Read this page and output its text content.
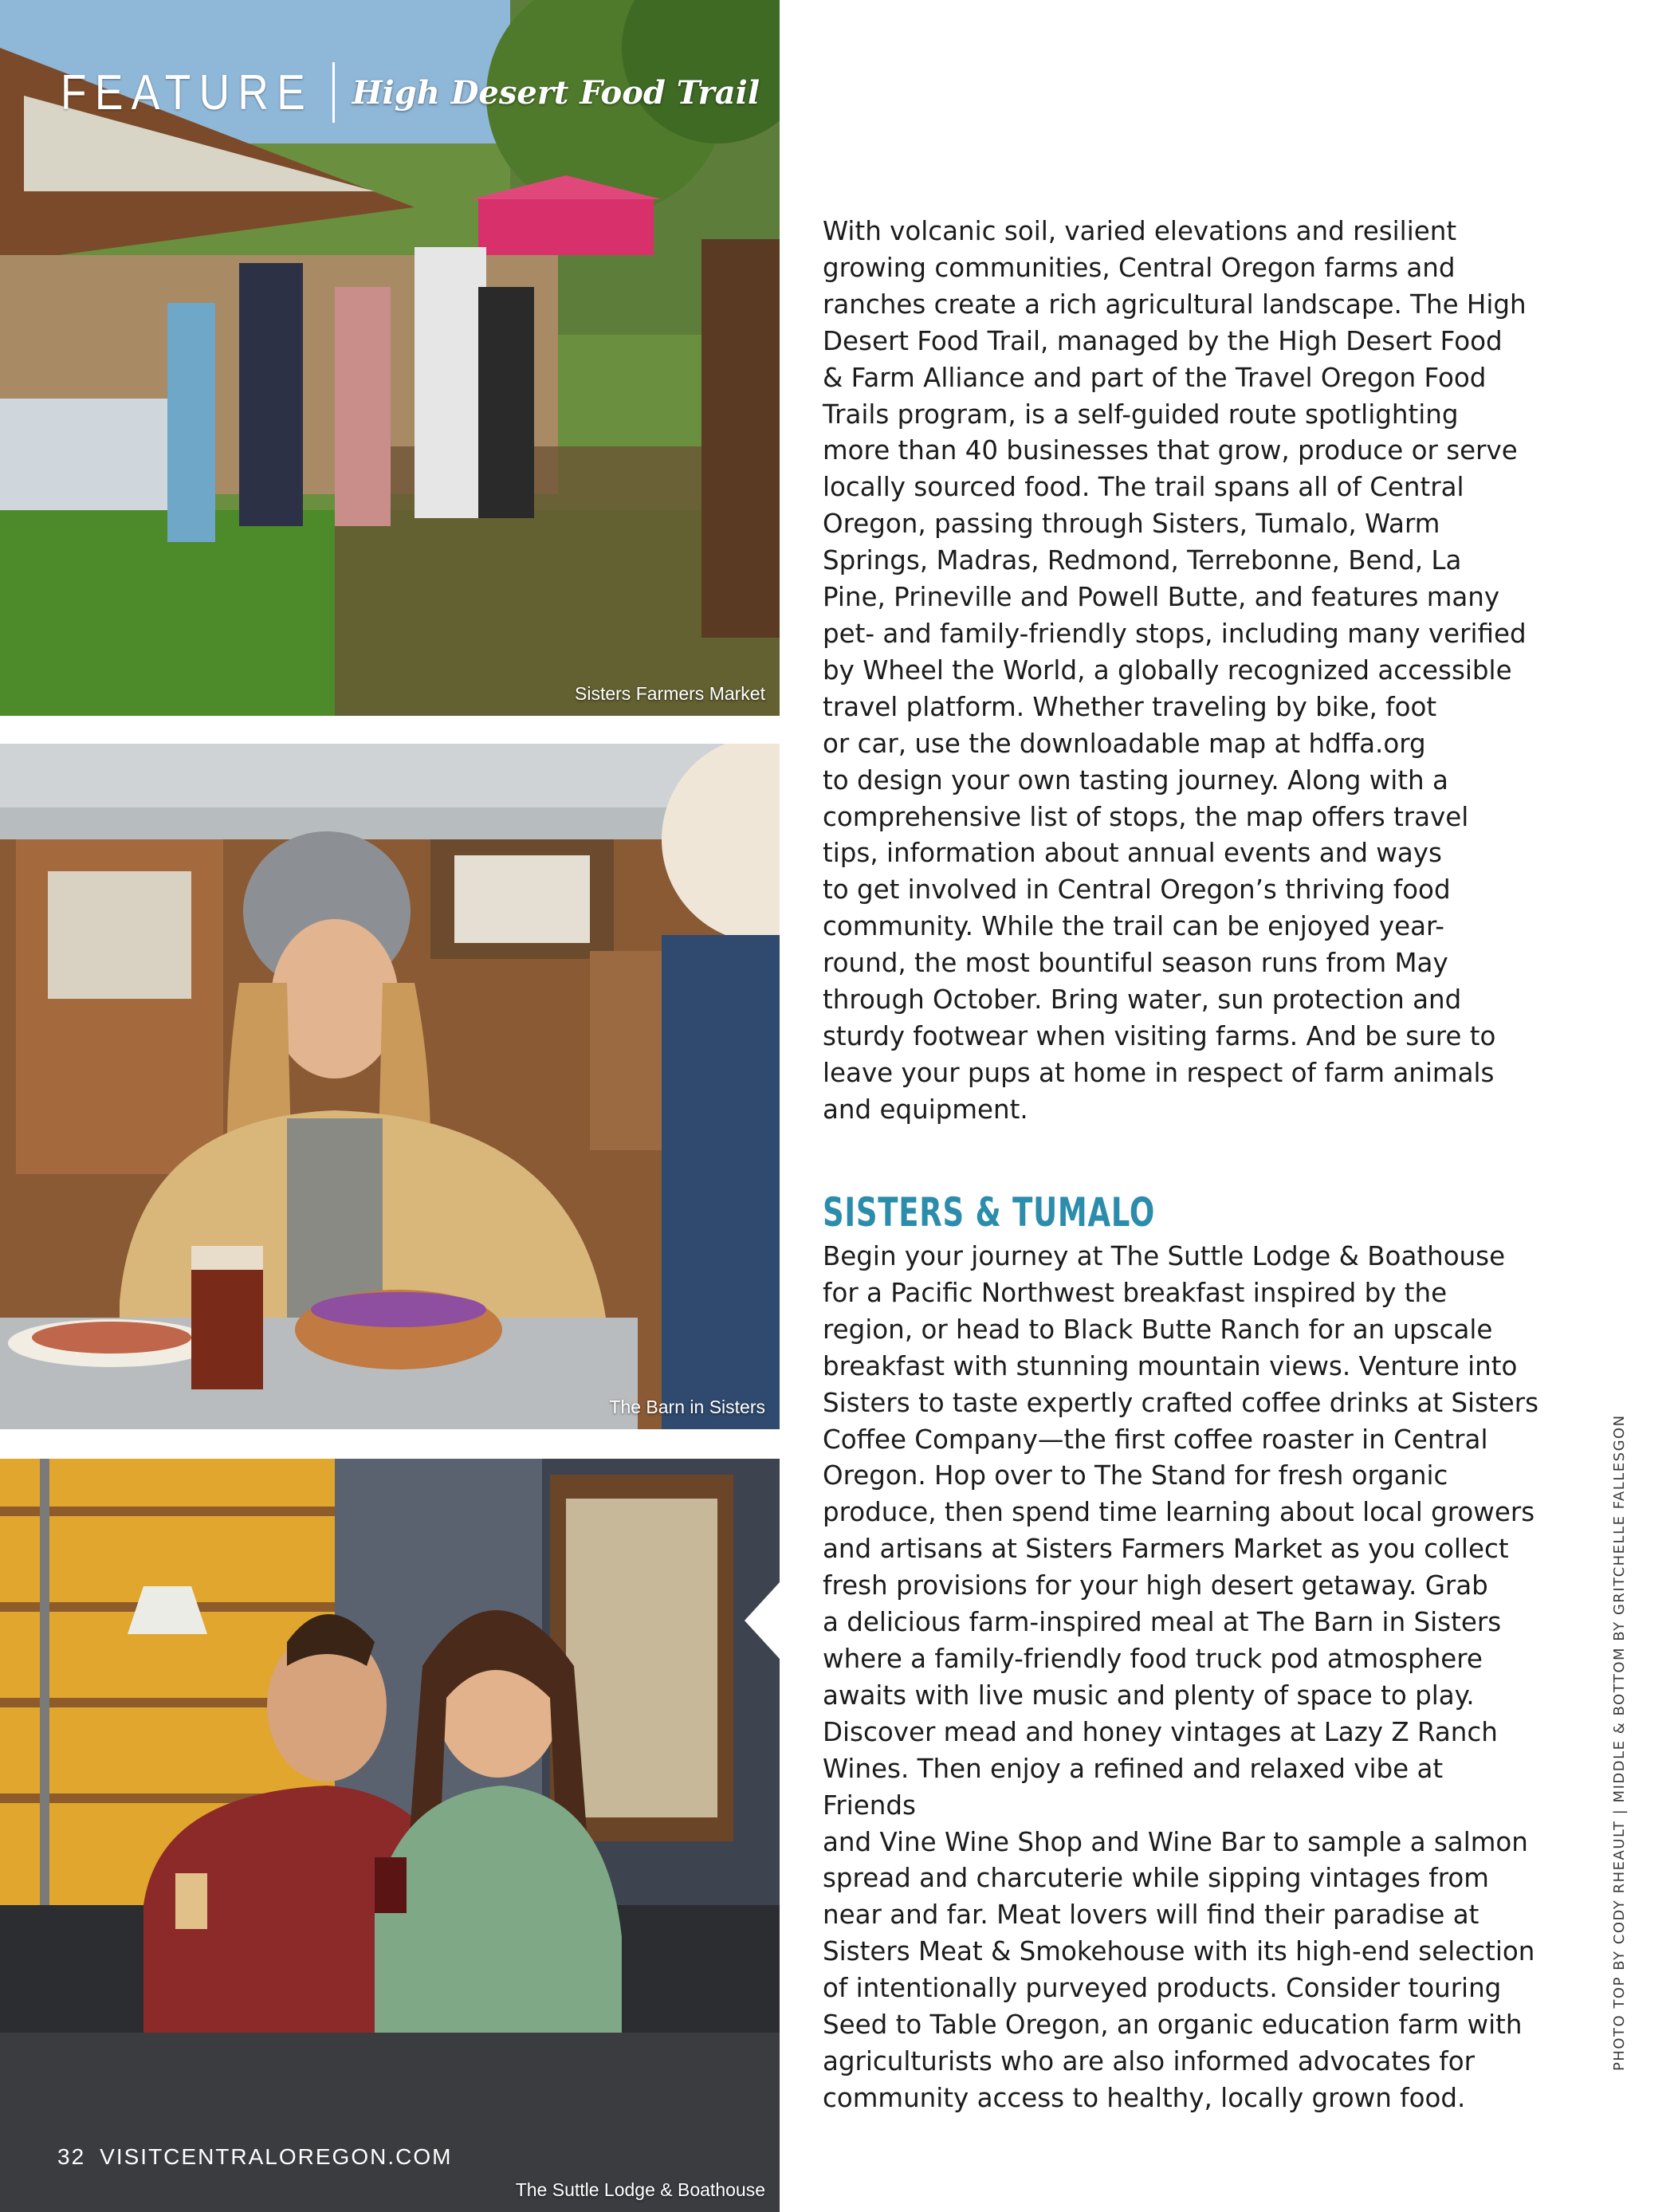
Sisters Farmers Market
FEATURE High Desert Food Trail
The Barn in Sisters
The Suttle Lodge & Boathouse

With volcanic soil, varied elevations and resilient
growing communities, Central Oregon farms and
ranches create a rich agricultural landscape. The High
Desert Food Trail, managed by the High Desert Food
& Farm Alliance and part of the Travel Oregon Food
Trails program, is a self-guided route spotlighting
more than 40 businesses that grow, produce or serve
locally sourced food. The trail spans all of Central
Oregon, passing through Sisters, Tumalo, Warm
Springs, Madras, Redmond, Terrebonne, Bend, La
Pine, Prineville and Powell Butte, and features many
pet- and family-friendly stops, including many verified
by Wheel the World, a globally recognized accessible
travel platform. Whether traveling by bike, foot
or car, use the downloadable map at hdffa.org
to design your own tasting journey. Along with a
comprehensive list of stops, the map offers travel
tips, information about annual events and ways
to get involved in Central Oregon’s thriving food
community. While the trail can be enjoyed year-
round, the most bountiful season runs from May
through October. Bring water, sun protection and
sturdy footwear when visiting farms. And be sure to
leave your pups at home in respect of farm animals
and equipment.

SISTERS & TUMALO

Begin your journey at The Suttle Lodge & Boathouse
for a Pacific Northwest breakfast inspired by the
region, or head to Black Butte Ranch for an upscale
breakfast with stunning mountain views. Venture into
Sisters to taste expertly crafted coffee drinks at Sisters
Coffee Company—the first coffee roaster in Central
Oregon. Hop over to The Stand for fresh organic
produce, then spend time learning about local growers
and artisans at Sisters Farmers Market as you collect
fresh provisions for your high desert getaway. Grab
a delicious farm-inspired meal at The Barn in Sisters
where a family-friendly food truck pod atmosphere
awaits with live music and plenty of space to play.

Discover mead and honey vintages at Lazy Z Ranch
Wines. Then enjoy a refined and relaxed vibe at Friends
and Vine Wine Shop and Wine Bar to sample a salmon
spread and charcuterie while sipping vintages from
near and far. Meat lovers will find their paradise at
Sisters Meat & Smokehouse with its high-end selection
of intentionally purveyed products. Consider touring
Seed to Table Oregon, an organic education farm with
agriculturists who are also informed advocates for
community access to healthy, locally grown food.

PHOTO TOP BY CODY RHEAULT | MIDDLE & BOTTOM BY GRITCHELLE FALLESGON
32 VISITCENTRALOREGON.COM
